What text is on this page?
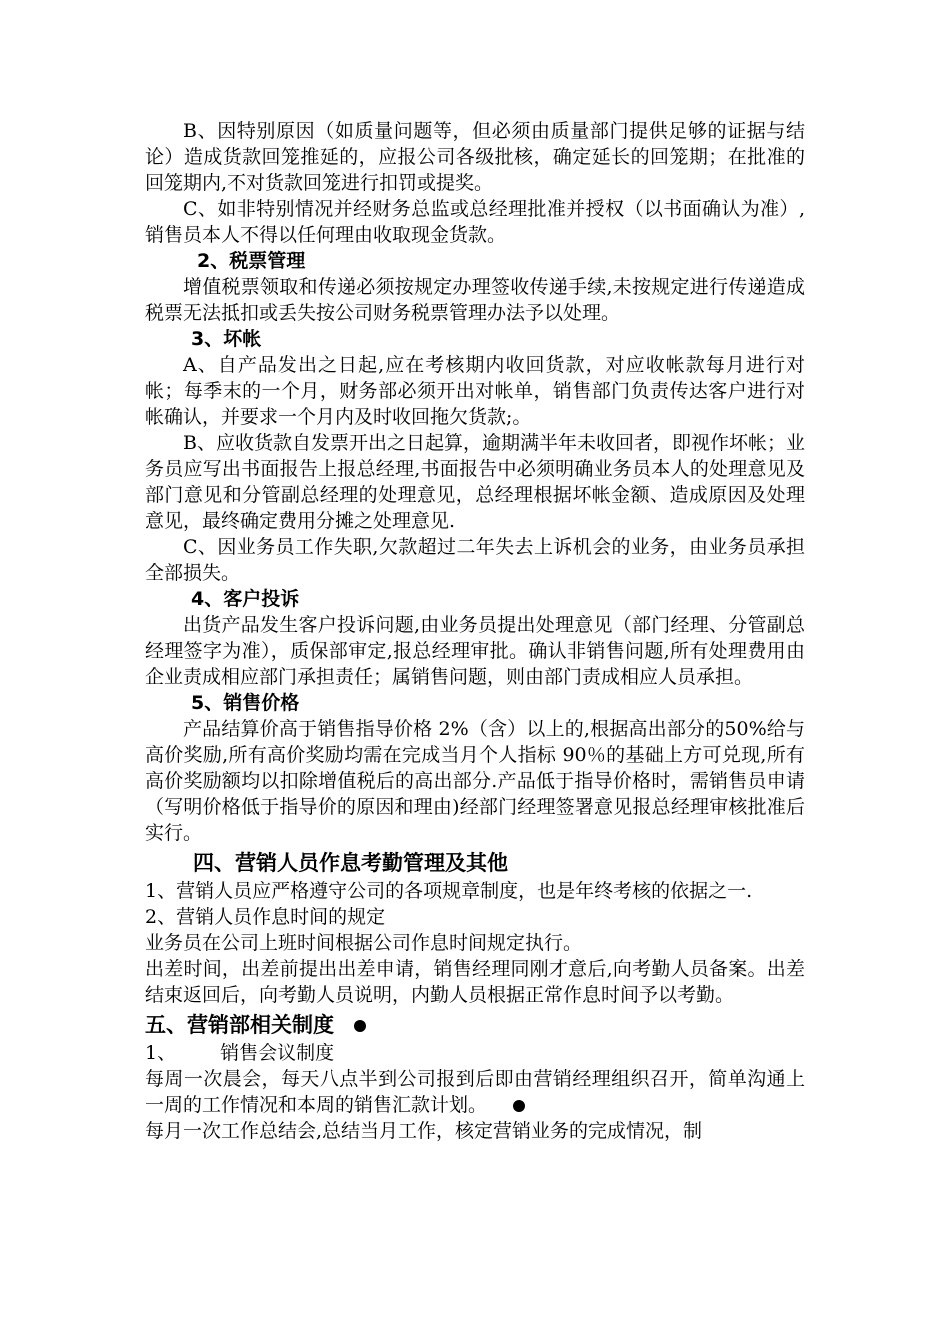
B、因特别原因（如质量问题等，但必须由质量部门提供足够的证据与结论）造成货款回笼推延的，应报公司各级批核，确定延长的回笼期；在批准的回笼期内,不对货款回笼进行扣罚或提奖。

C、如非特别情况并经财务总监或总经理批准并授权（以书面确认为准）,销售员本人不得以任何理由收取现金货款。

2、税票管理

增值税票领取和传递必须按规定办理签收传递手续,未按规定进行传递造成税票无法抵扣或丢失按公司财务税票管理办法予以处理。

3、坏帐

A、自产品发出之日起,应在考核期内收回货款，对应收帐款每月进行对帐；每季末的一个月，财务部必须开出对帐单，销售部门负责传达客户进行对帐确认，并要求一个月内及时收回拖欠货款;。

B、应收货款自发票开出之日起算，逾期满半年未收回者，即视作坏帐；业务员应写出书面报告上报总经理,书面报告中必须明确业务员本人的处理意见及部门意见和分管副总经理的处理意见，总经理根据坏帐金额、造成原因及处理意见，最终确定费用分摊之处理意见.

C、因业务员工作失职,欠款超过二年失去上诉机会的业务，由业务员承担全部损失。

4、客户投诉

出货产品发生客户投诉问题,由业务员提出处理意见（部门经理、分管副总经理签字为准），质保部审定,报总经理审批。确认非销售问题,所有处理费用由企业责成相应部门承担责任；属销售问题，则由部门责成相应人员承担。

5、销售价格

产品结算价高于销售指导价格 2%（含）以上的,根据高出部分的50%给与高价奖励,所有高价奖励均需在完成当月个人指标 90％的基础上方可兑现,所有高价奖励额均以扣除增值税后的高出部分.产品低于指导价格时，需销售员申请（写明价格低于指导价的原因和理由)经部门经理签署意见报总经理审核批准后实行。

四、营销人员作息考勤管理及其他

1、营销人员应严格遵守公司的各项规章制度，也是年终考核的依据之一.

2、营销人员作息时间的规定

业务员在公司上班时间根据公司作息时间规定执行。

出差时间，出差前提出出差申请，销售经理同刚才意后,向考勤人员备案。出差结束返回后，向考勤人员说明，内勤人员根据正常作息时间予以考勤。

五、营销部相关制度

1、 销售会议制度

每周一次晨会，每天八点半到公司报到后即由营销经理组织召开，简单沟通上一周的工作情况和本周的销售汇款计划。

每月一次工作总结会,总结当月工作，核定营销业务的完成情况，制
